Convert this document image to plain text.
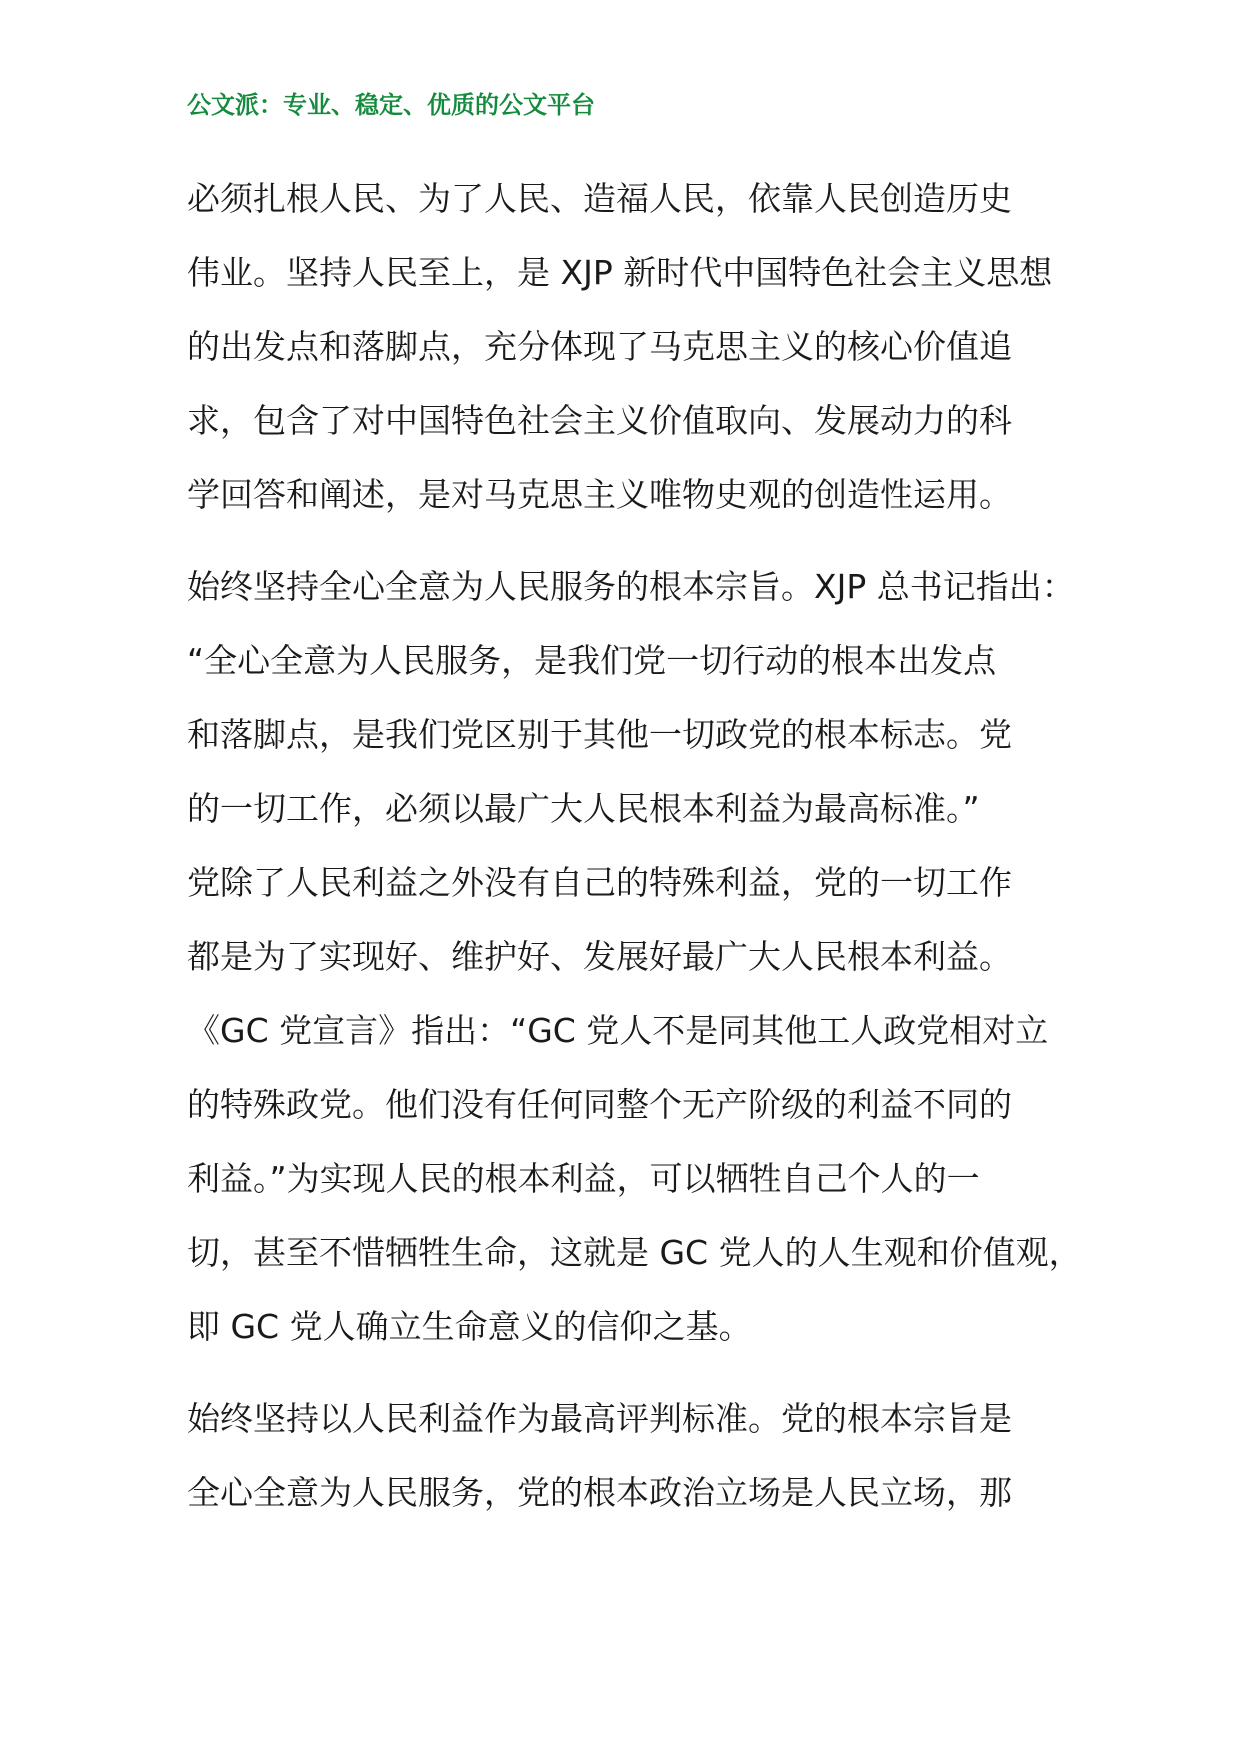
公文派：专业、稳定、优质的公文平台
必须扎根人民、为了人民、造福人民，依靠人民创造历史
伟业。坚持人民至上，是 XJP 新时代中国特色社会主义思想
的出发点和落脚点，充分体现了马克思主义的核心价值追
求，包含了对中国特色社会主义价值取向、发展动力的科
学回答和阐述，是对马克思主义唯物史观的创造性运用。
始终坚持全心全意为人民服务的根本宗旨。XJP 总书记指出：
“全心全意为人民服务，是我们党一切行动的根本出发点
和落脚点，是我们党区别于其他一切政党的根本标志。党
的一切工作，必须以最广大人民根本利益为最高标准。”
党除了人民利益之外没有自己的特殊利益，党的一切工作
都是为了实现好、维护好、发展好最广大人民根本利益。
《GC 党宣言》指出：“GC 党人不是同其他工人政党相对立
的特殊政党。他们没有任何同整个无产阶级的利益不同的
利益。”为实现人民的根本利益，可以牺牲自己个人的一
切，甚至不惜牺牲生命，这就是 GC 党人的人生观和价值观，
即 GC 党人确立生命意义的信仰之基。
始终坚持以人民利益作为最高评判标准。党的根本宗旨是
全心全意为人民服务，党的根本政治立场是人民立场，那
